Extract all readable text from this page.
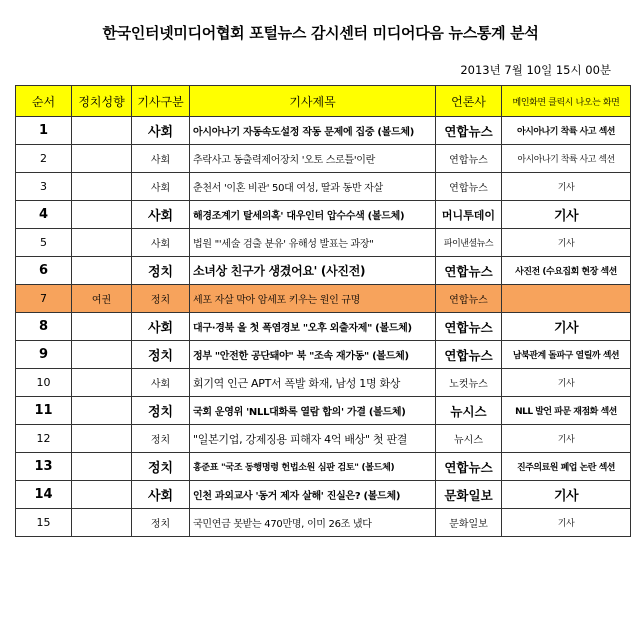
한국인터넷미디어협회 포털뉴스 감시센터 미디어다음 뉴스통계 분석
2013년 7월 10일 15시 00분
순서	정치성향	기사구분	기사제목	언론사	메인화면 클릭시 나오는 화면
1		사회	아시아나기 자동속도설정 작동 문제에 집중 (볼드체)	연합뉴스	아시아나기 착륙 사고 섹션
2		사회	추락사고 동출력제어장치 '오토 스로틀'이란	연합뉴스	아시아나기 착륙 사고 섹션
3		사회	춘천서 '이혼 비관' 50대 여성, 딸과 동반 자살	연합뉴스	기사
4		사회	해경조계기 탈세의혹' 대우인터 압수수색 (볼드체)	머니투데이	기사
5		사회	법원 "'세술 검출 분유' 유해성 발표는 과장"	파이낸셜뉴스	기사
6		정치	소녀상 친구가 생겼어요' (사진전)	연합뉴스	사진전 (수요집회 현장 섹션
7	여권	정치	세포 자살 막아 암세포 키우는 원인 규명	연합뉴스	
8		사회	대구·경북 올 첫 폭염경보 "오후 외출자제" (볼드체)	연합뉴스	기사
9		정치	정부 "안전한 공단돼야" 북 "조속 재가동" (볼드체)	연합뉴스	남북관계 돌파구 열릴까 섹션
10		사회	회기역 인근 APT서 폭발 화재, 남성 1명 화상	노컷뉴스	기사
11		정치	국회 운영위 'NLL대화록 열람 합의' 가결 (볼드체)	뉴시스	NLL 발언 파문 재점화 섹션
12		정치	"일본기업, 강제징용 피해자 4억 배상" 첫 판결	뉴시스	기사
13		정치	홍준표 "국조 동행명령 헌법소원 심판 검토" (볼드체)	연합뉴스	진주의료원 폐업 논란 섹션
14		사회	인천 과외교사 '동거 제자 살해' 진실은? (볼드체)	문화일보	기사
15		정치	국민연금 못받는 470만명, 이미 26조 냈다	문화일보	기사
